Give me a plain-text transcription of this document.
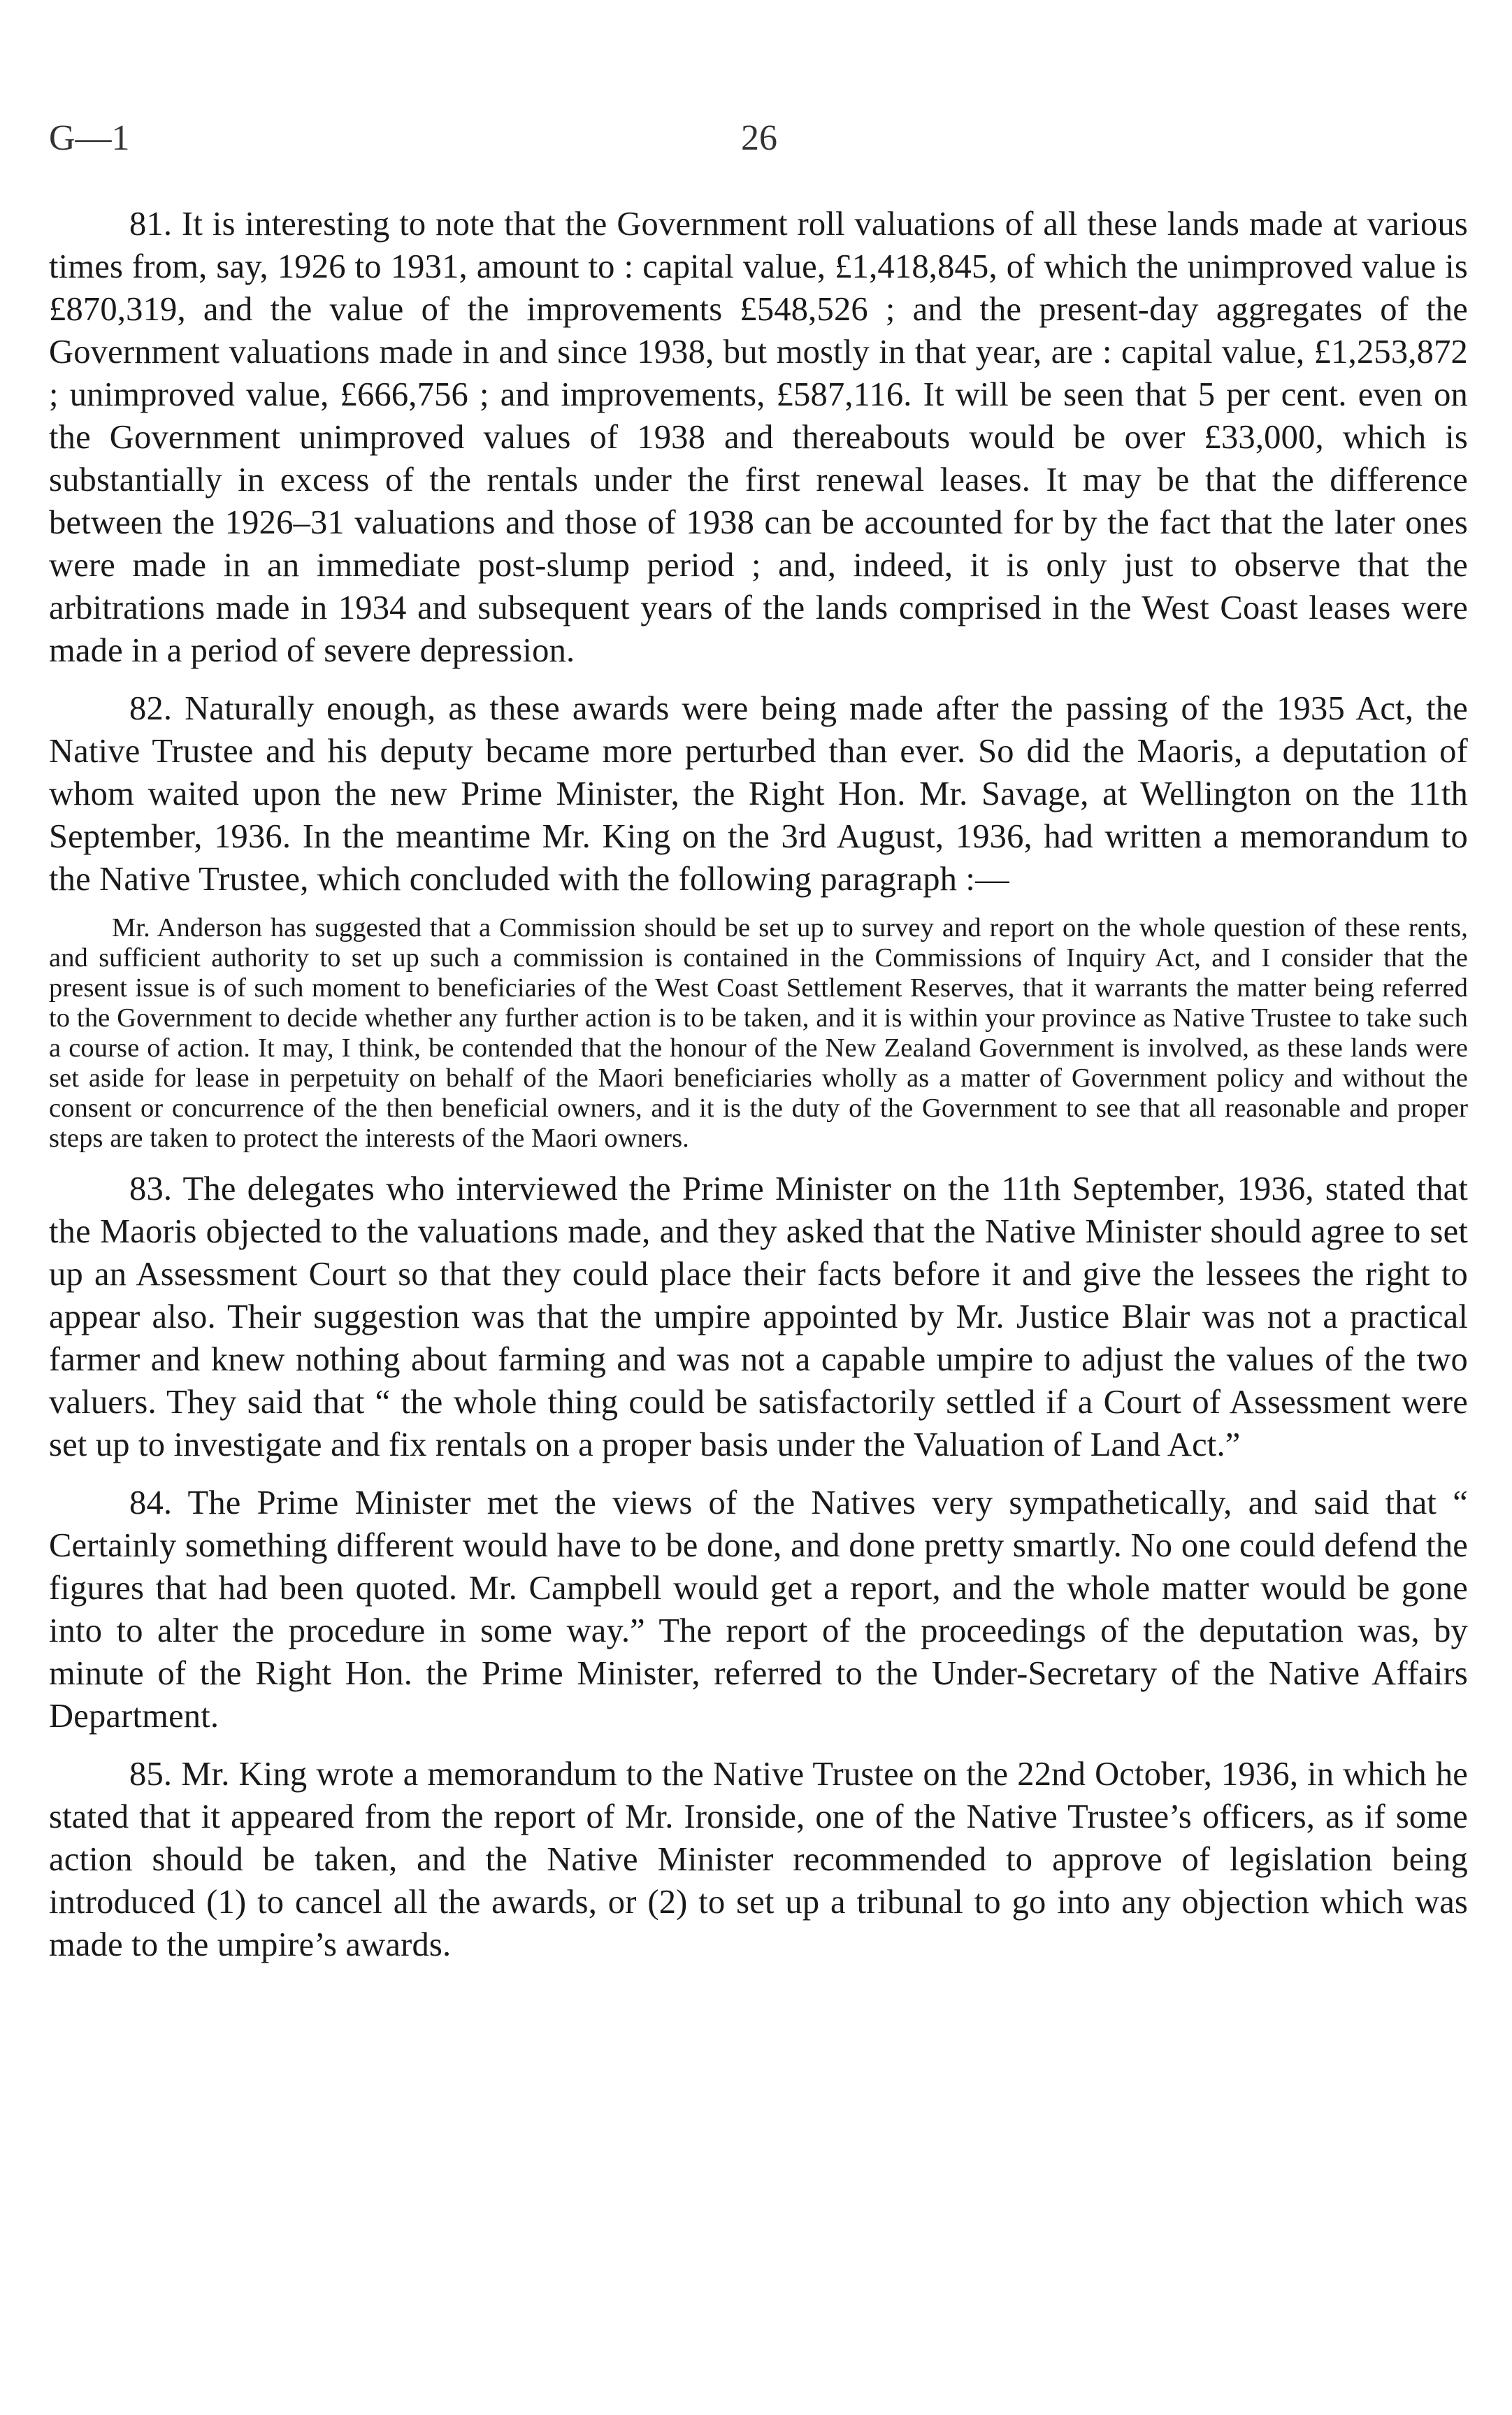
G—1	26

81. It is interesting to note that the Government roll valuations of all these lands made at various times from, say, 1926 to 1931, amount to : capital value, £1,418,845, of which the unimproved value is £870,319, and the value of the improvements £548,526 ; and the present-day aggregates of the Government valuations made in and since 1938, but mostly in that year, are : capital value, £1,253,872 ; unimproved value, £666,756 ; and improvements, £587,116. It will be seen that 5 per cent. even on the Government unimproved values of 1938 and thereabouts would be over £33,000, which is substantially in excess of the rentals under the first renewal leases. It may be that the difference between the 1926–31 valuations and those of 1938 can be accounted for by the fact that the later ones were made in an immediate post-slump period ; and, indeed, it is only just to observe that the arbitrations made in 1934 and subsequent years of the lands comprised in the West Coast leases were made in a period of severe depression.

82. Naturally enough, as these awards were being made after the passing of the 1935 Act, the Native Trustee and his deputy became more perturbed than ever. So did the Maoris, a deputation of whom waited upon the new Prime Minister, the Right Hon. Mr. Savage, at Wellington on the 11th September, 1936. In the meantime Mr. King on the 3rd August, 1936, had written a memorandum to the Native Trustee, which concluded with the following paragraph :—

Mr. Anderson has suggested that a Commission should be set up to survey and report on the whole question of these rents, and sufficient authority to set up such a commission is contained in the Commissions of Inquiry Act, and I consider that the present issue is of such moment to beneficiaries of the West Coast Settlement Reserves, that it warrants the matter being referred to the Government to decide whether any further action is to be taken, and it is within your province as Native Trustee to take such a course of action. It may, I think, be contended that the honour of the New Zealand Government is involved, as these lands were set aside for lease in perpetuity on behalf of the Maori beneficiaries wholly as a matter of Government policy and without the consent or concurrence of the then beneficial owners, and it is the duty of the Government to see that all reasonable and proper steps are taken to protect the interests of the Maori owners.

83. The delegates who interviewed the Prime Minister on the 11th September, 1936, stated that the Maoris objected to the valuations made, and they asked that the Native Minister should agree to set up an Assessment Court so that they could place their facts before it and give the lessees the right to appear also. Their suggestion was that the umpire appointed by Mr. Justice Blair was not a practical farmer and knew nothing about farming and was not a capable umpire to adjust the values of the two valuers. They said that “ the whole thing could be satisfactorily settled if a Court of Assessment were set up to investigate and fix rentals on a proper basis under the Valuation of Land Act.”

84. The Prime Minister met the views of the Natives very sympathetically, and said that “ Certainly something different would have to be done, and done pretty smartly. No one could defend the figures that had been quoted. Mr. Campbell would get a report, and the whole matter would be gone into to alter the procedure in some way.” The report of the proceedings of the deputation was, by minute of the Right Hon. the Prime Minister, referred to the Under-Secretary of the Native Affairs Department.

85. Mr. King wrote a memorandum to the Native Trustee on the 22nd October, 1936, in which he stated that it appeared from the report of Mr. Ironside, one of the Native Trustee’s officers, as if some action should be taken, and the Native Minister recommended to approve of legislation being introduced (1) to cancel all the awards, or (2) to set up a tribunal to go into any objection which was made to the umpire’s awards.
